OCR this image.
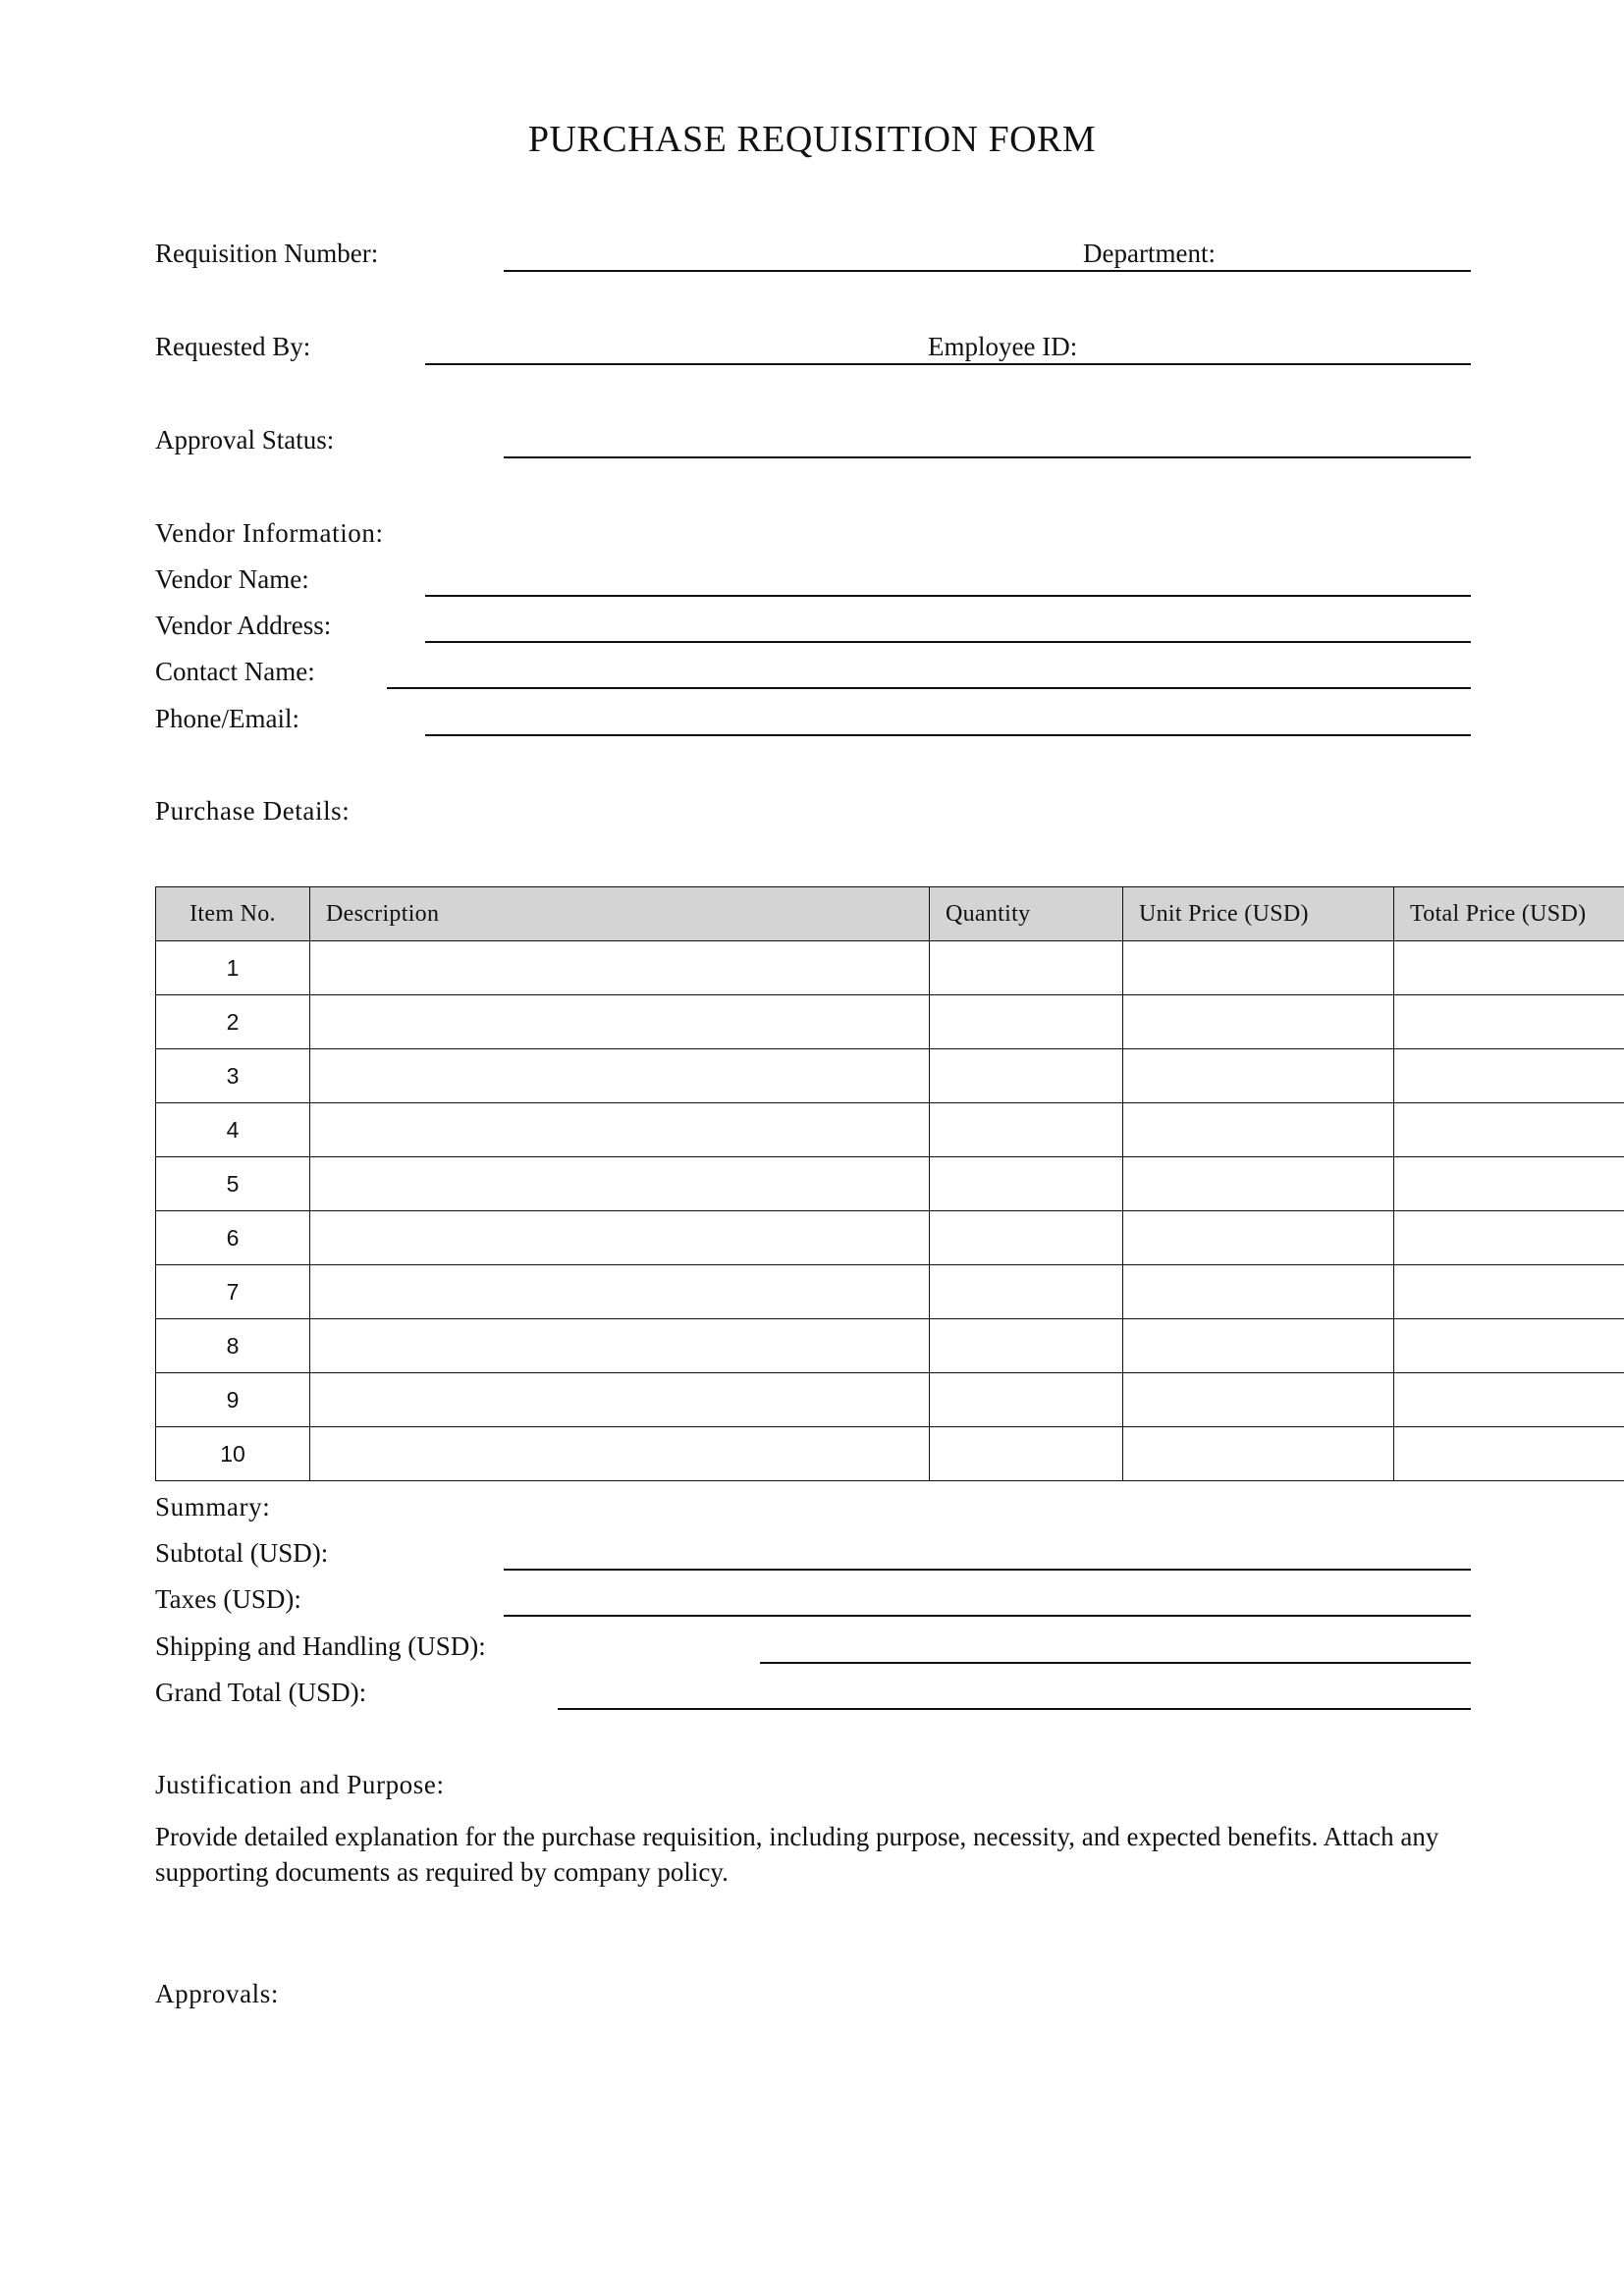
PURCHASE REQUISITION FORM
Requisition Number:	Department:
Requested By:	Employee ID:
Approval Status:
Vendor Information:
Vendor Name:
Vendor Address:
Contact Name:
Phone/Email:
Purchase Details:
Item No.	Description	Quantity	Unit Price (USD)	Total Price (USD)
1				
2				
3				
4				
5				
6				
7				
8				
9				
10				
Summary:
Subtotal (USD):
Taxes (USD):
Shipping and Handling (USD):
Grand Total (USD):
Justification and Purpose:
Provide detailed explanation for the purchase requisition, including purpose, necessity, and expected benefits. Attach any supporting documents as required by company policy.
Approvals:
